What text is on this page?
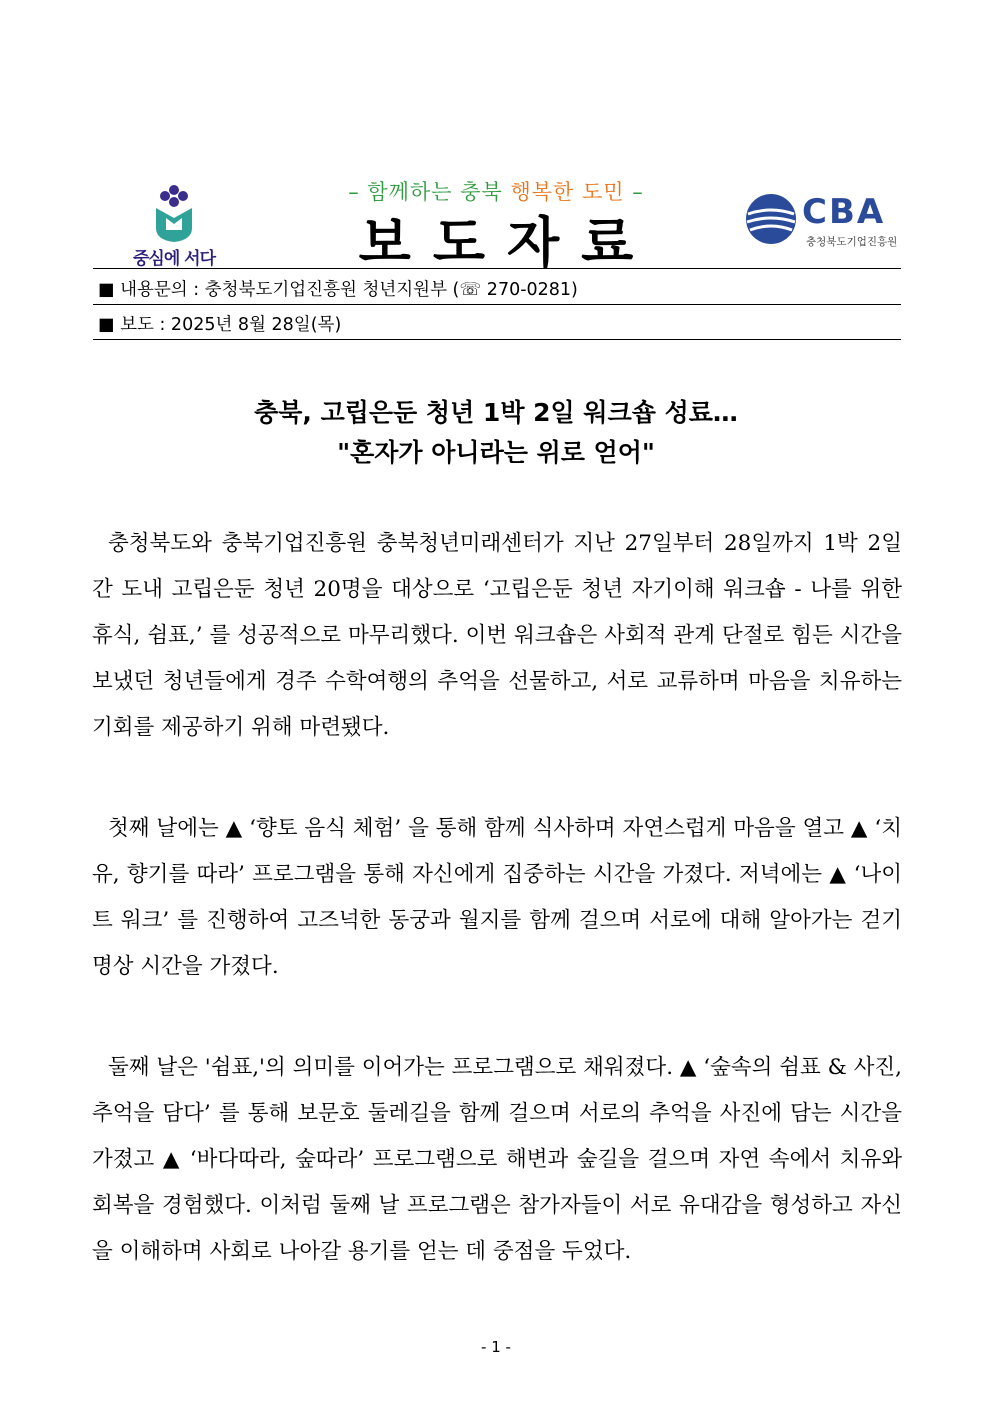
– 함께하는 충북 행복한 도민 –
보도자료
중심에 서다
CBA
충청북도기업진흥원
■ 내용문의 : 충청북도기업진흥원 청년지원부 (☏ 270-0281)
■ 보도 : 2025년 8월 28일(목)
충북, 고립은둔 청년 1박 2일 워크숍 성료…
"혼자가 아니라는 위로 얻어"

충청북도와 충북기업진흥원 충북청년미래센터가 지난 27일부터 28일까지 1박 2일간 도내 고립은둔 청년 20명을 대상으로 ‘고립은둔 청년 자기이해 워크숍 - 나를 위한 휴식, 쉼표,’ 를 성공적으로 마무리했다. 이번 워크숍은 사회적 관계 단절로 힘든 시간을 보냈던 청년들에게 경주 수학여행의 추억을 선물하고, 서로 교류하며 마음을 치유하는 기회를 제공하기 위해 마련됐다.

첫째 날에는 ▲ ‘향토 음식 체험’ 을 통해 함께 식사하며 자연스럽게 마음을 열고 ▲ ‘치유, 향기를 따라’ 프로그램을 통해 자신에게 집중하는 시간을 가졌다. 저녁에는 ▲ ‘나이트 워크’ 를 진행하여 고즈넉한 동궁과 월지를 함께 걸으며 서로에 대해 알아가는 걷기명상 시간을 가졌다.

둘째 날은 '쉼표,'의 의미를 이어가는 프로그램으로 채워졌다. ▲ ‘숲속의 쉼표 & 사진, 추억을 담다’ 를 통해 보문호 둘레길을 함께 걸으며 서로의 추억을 사진에 담는 시간을 가졌고 ▲ ‘바다따라, 숲따라’ 프로그램으로 해변과 숲길을 걸으며 자연 속에서 치유와 회복을 경험했다. 이처럼 둘째 날 프로그램은 참가자들이 서로 유대감을 형성하고 자신을 이해하며 사회로 나아갈 용기를 얻는 데 중점을 두었다.

- 1 -
